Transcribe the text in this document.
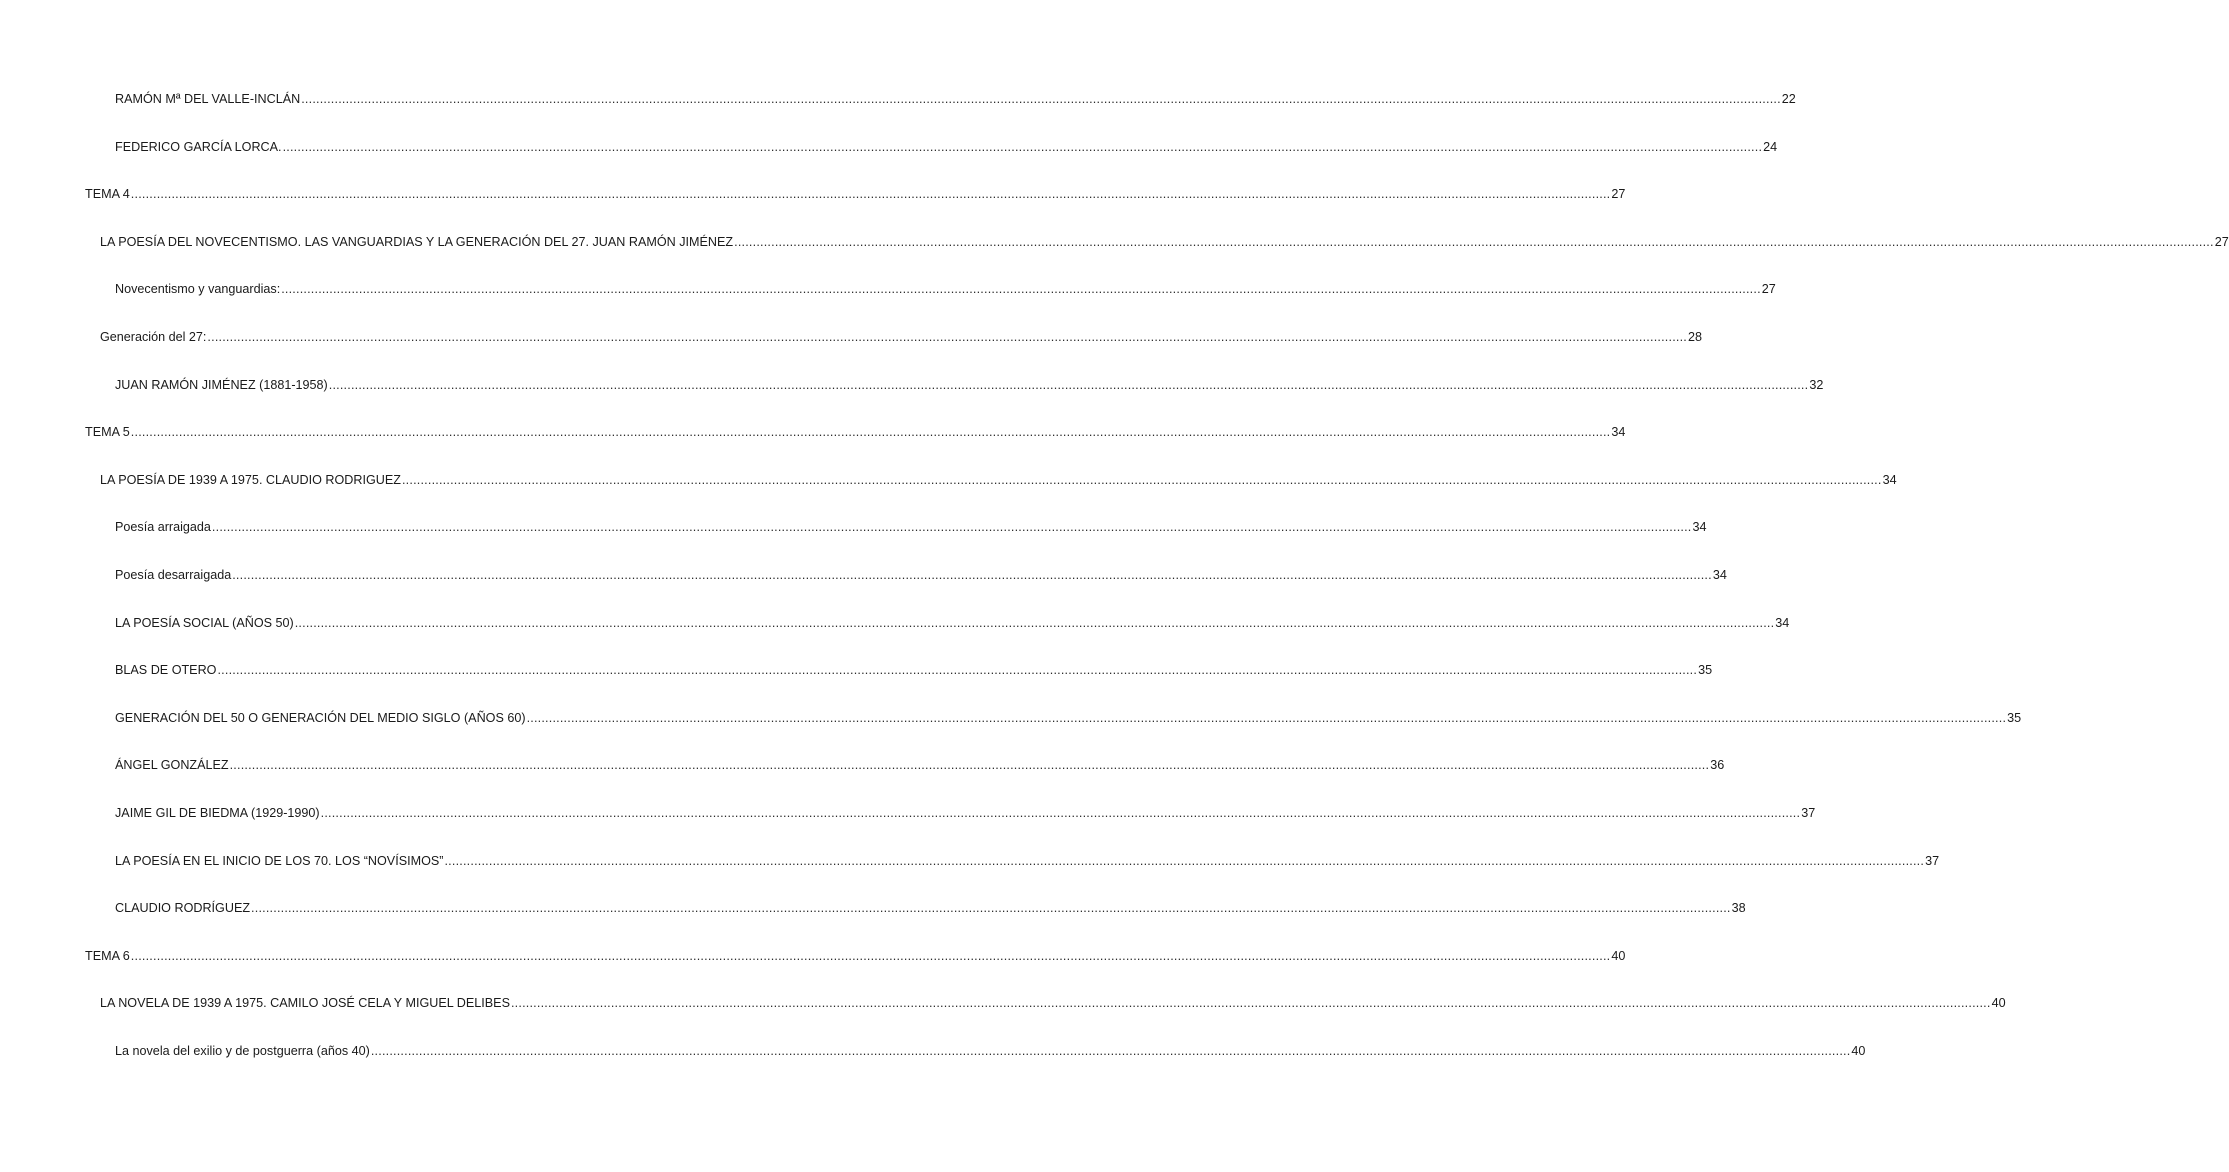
RAMÓN Mª DEL VALLE-INCLÁN ................................................................................................................................................................................................................................................................................................................................................................................................................ 22
FEDERICO GARCÍA LORCA. ................................................................................................................................................................................................................................................................................................................................................................................................................ 24
TEMA 4 ................................................................................................................................................................................................................................................................................................................................................................................................................ 27
LA POESÍA DEL NOVECENTISMO. LAS VANGUARDIAS Y LA GENERACIÓN DEL 27. JUAN RAMÓN JIMÉNEZ ................................................................................................................................................................................................................................................................................................................................................................................................................ 27
Novecentismo y vanguardias: ................................................................................................................................................................................................................................................................................................................................................................................................................ 27
Generación del 27: ................................................................................................................................................................................................................................................................................................................................................................................................................ 28
JUAN RAMÓN JIMÉNEZ (1881-1958) ................................................................................................................................................................................................................................................................................................................................................................................................................ 32
TEMA 5 ................................................................................................................................................................................................................................................................................................................................................................................................................ 34
LA POESÍA DE 1939 A 1975. CLAUDIO RODRIGUEZ ................................................................................................................................................................................................................................................................................................................................................................................................................ 34
Poesía arraigada ................................................................................................................................................................................................................................................................................................................................................................................................................ 34
Poesía desarraigada ................................................................................................................................................................................................................................................................................................................................................................................................................ 34
LA POESÍA SOCIAL (AÑOS 50) ................................................................................................................................................................................................................................................................................................................................................................................................................ 34
BLAS DE OTERO ................................................................................................................................................................................................................................................................................................................................................................................................................ 35
GENERACIÓN DEL 50 O GENERACIÓN DEL MEDIO SIGLO (AÑOS 60) ................................................................................................................................................................................................................................................................................................................................................................................................................ 35
ÁNGEL GONZÁLEZ ................................................................................................................................................................................................................................................................................................................................................................................................................ 36
JAIME GIL DE BIEDMA (1929-1990) ................................................................................................................................................................................................................................................................................................................................................................................................................ 37
LA POESÍA EN EL INICIO DE LOS 70. LOS “NOVÍSIMOS” ................................................................................................................................................................................................................................................................................................................................................................................................................ 37
CLAUDIO RODRÍGUEZ ................................................................................................................................................................................................................................................................................................................................................................................................................ 38
TEMA 6 ................................................................................................................................................................................................................................................................................................................................................................................................................ 40
LA NOVELA DE 1939 A 1975. CAMILO JOSÉ CELA Y MIGUEL DELIBES ................................................................................................................................................................................................................................................................................................................................................................................................................ 40
La novela del exilio y de postguerra (años 40) ................................................................................................................................................................................................................................................................................................................................................................................................................ 40
